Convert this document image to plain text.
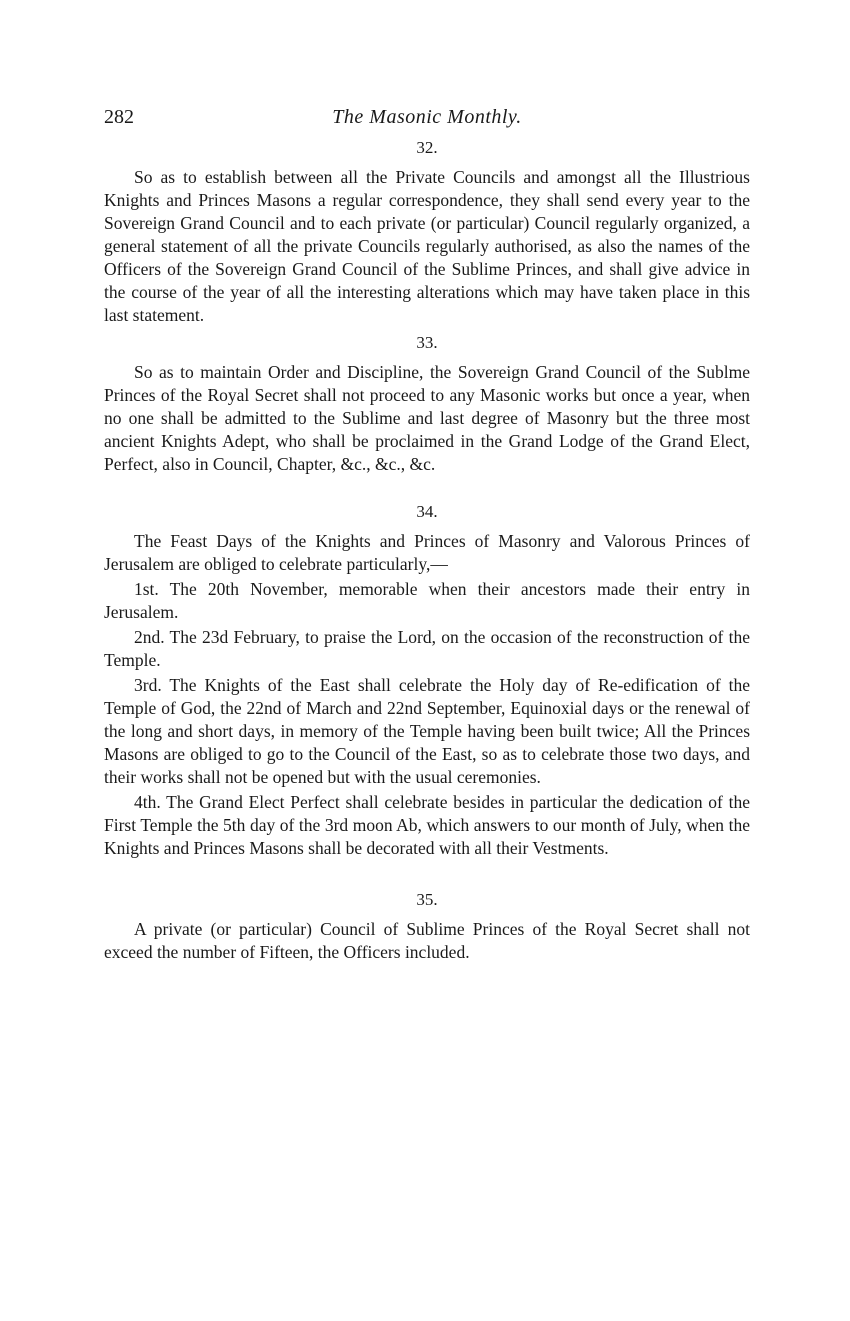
282	The Masonic Monthly.
32.

So as to establish between all the Private Councils and amongst all the Illustrious Knights and Princes Masons a regular correspondence, they shall send every year to the Sovereign Grand Council and to each private (or particular) Council regularly organized, a general statement of all the private Councils regularly authorised, as also the names of the Officers of the Sovereign Grand Council of the Sublime Princes, and shall give advice in the course of the year of all the interesting alterations which may have taken place in this last statement.

33.

So as to maintain Order and Discipline, the Sovereign Grand Council of the Sublme Princes of the Royal Secret shall not proceed to any Masonic works but once a year, when no one shall be admitted to the Sublime and last degree of Masonry but the three most ancient Knights Adept, who shall be proclaimed in the Grand Lodge of the Grand Elect, Perfect, also in Council, Chapter, &c., &c., &c.

34.

The Feast Days of the Knights and Princes of Masonry and Valorous Princes of Jerusalem are obliged to celebrate particularly,—

1st. The 20th November, memorable when their ancestors made their entry in Jerusalem.

2nd. The 23d February, to praise the Lord, on the occasion of the reconstruction of the Temple.

3rd. The Knights of the East shall celebrate the Holy day of Re-edification of the Temple of God, the 22nd of March and 22nd September, Equinoxial days or the renewal of the long and short days, in memory of the Temple having been built twice; All the Princes Masons are obliged to go to the Council of the East, so as to celebrate those two days, and their works shall not be opened but with the usual ceremonies.

4th. The Grand Elect Perfect shall celebrate besides in particular the dedication of the First Temple the 5th day of the 3rd moon Ab, which answers to our month of July, when the Knights and Princes Masons shall be decorated with all their Vestments.

35.

A private (or particular) Council of Sublime Princes of the Royal Secret shall not exceed the number of Fifteen, the Officers included.
